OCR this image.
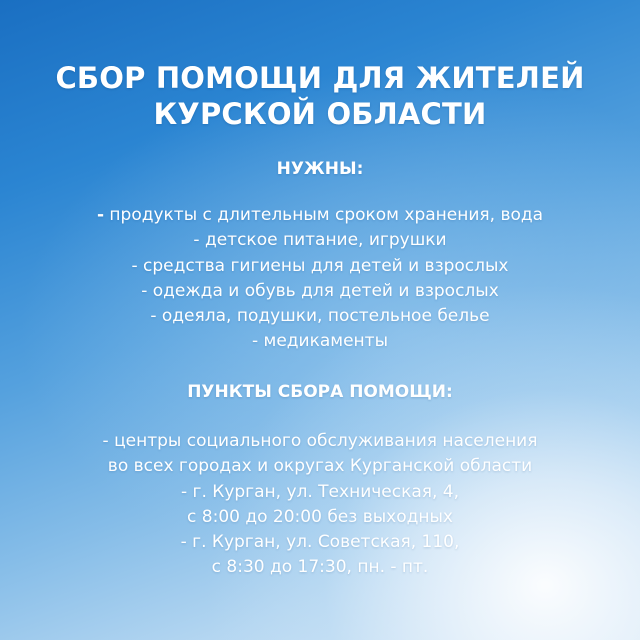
СБОР ПОМОЩИ ДЛЯ ЖИТЕЛЕЙ
КУРСКОЙ ОБЛАСТИ
НУЖНЫ:
- продукты с длительным сроком хранения, вода
- детское питание, игрушки
- средства гигиены для детей и взрослых
- одежда и обувь для детей и взрослых
- одеяла, подушки, постельное белье
- медикаменты
ПУНКТЫ СБОРА ПОМОЩИ:
- центры социального обслуживания населения
во всех городах и округах Курганской области
- г. Курган, ул. Техническая, 4,
с 8:00 до 20:00 без выходных
- г. Курган, ул. Советская, 110,
с 8:30 до 17:30, пн. - пт.
